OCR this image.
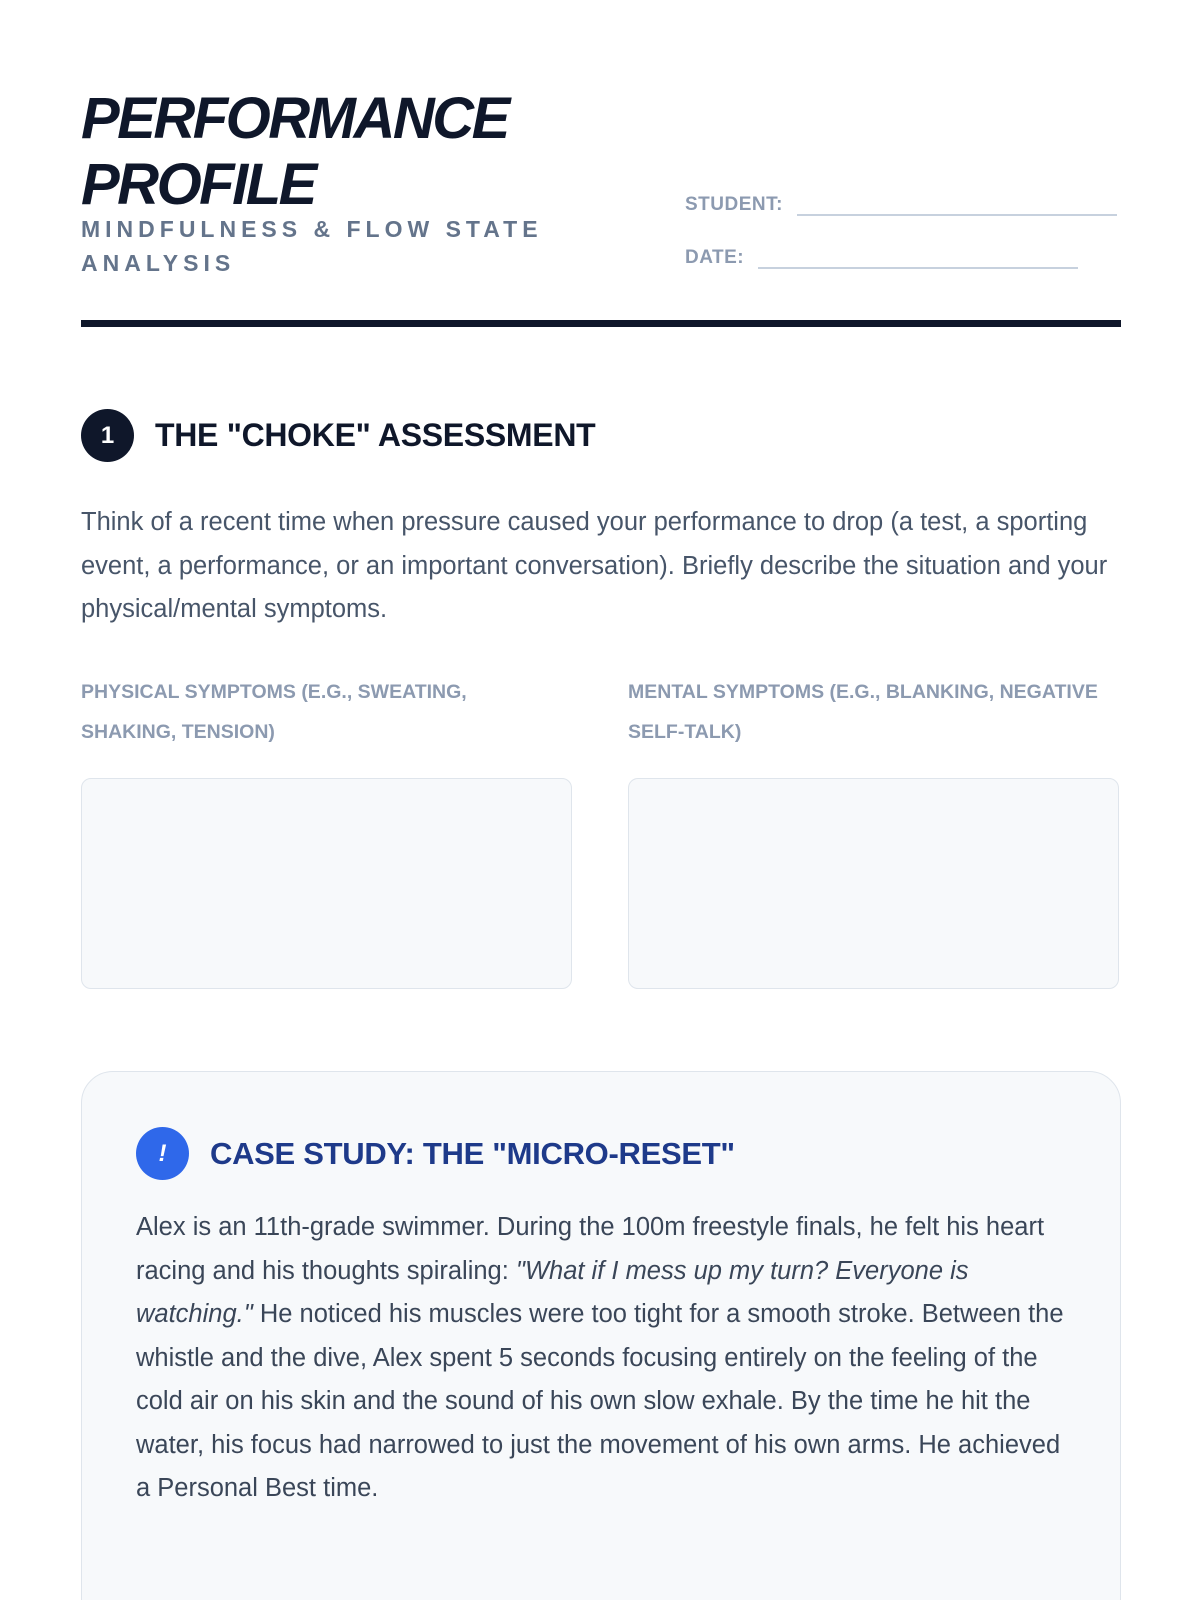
PERFORMANCE
PROFILE

MINDFULNESS & FLOW STATE
ANALYSIS

STUDENT:
DATE:
1	THE "CHOKE" ASSESSMENT

Think of a recent time when pressure caused your performance to drop (a test, a sporting event, a performance, or an important conversation). Briefly describe the situation and your physical/mental symptoms.

PHYSICAL SYMPTOMS (E.G., SWEATING, SHAKING, TENSION)

MENTAL SYMPTOMS (E.G., BLANKING, NEGATIVE SELF-TALK)

!	CASE STUDY: THE "MICRO-RESET"

Alex is an 11th-grade swimmer. During the 100m freestyle finals, he felt his heart racing and his thoughts spiraling: "What if I mess up my turn? Everyone is watching." He noticed his muscles were too tight for a smooth stroke. Between the whistle and the dive, Alex spent 5 seconds focusing entirely on the feeling of the cold air on his skin and the sound of his own slow exhale. By the time he hit the water, his focus had narrowed to just the movement of his own arms. He achieved a Personal Best time.
